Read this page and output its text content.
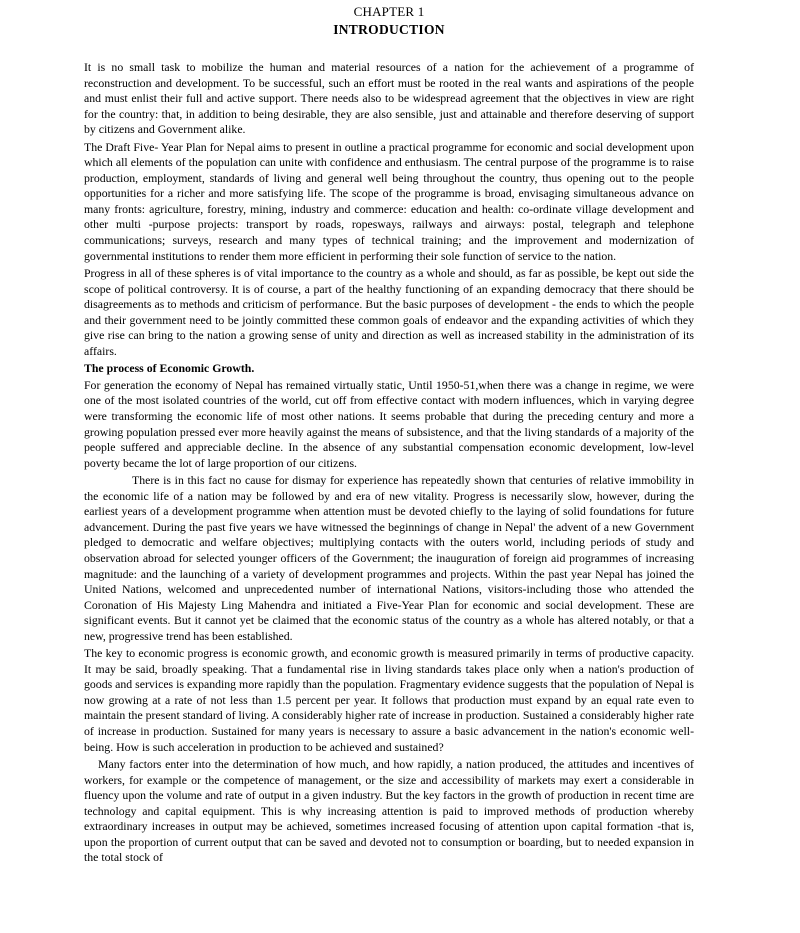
CHAPTER 1
INTRODUCTION

It is no small task to mobilize the human and material resources of a nation for the achievement of a programme of reconstruction and development. To be successful, such an effort must be rooted in the real wants and aspirations of the people and must enlist their full and active support. There needs also to be widespread agreement that the objectives in view are right for the country: that, in addition to being desirable, they are also sensible, just and attainable and therefore deserving of support by citizens and Government alike.

The Draft Five- Year Plan for Nepal aims to present in outline a practical programme for economic and social development upon which all elements of the population can unite with confidence and enthusiasm. The central purpose of the programme is to raise production, employment, standards of living and general well being throughout the country, thus opening out to the people opportunities for a richer and more satisfying life. The scope of the programme is broad, envisaging simultaneous advance on many fronts: agriculture, forestry, mining, industry and commerce: education and health: co-ordinate village development and other multi -purpose projects: transport by roads, ropesways, railways and airways: postal, telegraph and telephone communications; surveys, research and many types of technical training; and the improvement and modernization of governmental institutions to render them more efficient in performing their sole function of service to the nation.

Progress in all of these spheres is of vital importance to the country as a whole and should, as far as possible, be kept out side the scope of political controversy. It is of course, a part of the healthy functioning of an expanding democracy that there should be disagreements as to methods and criticism of performance. But the basic purposes of development - the ends to which the people and their government need to be jointly committed these common goals of endeavor and the expanding activities of which they give rise can bring to the nation a growing sense of unity and direction as well as increased stability in the administration of its affairs.

The process of Economic Growth.

For generation the economy of Nepal has remained virtually static, Until 1950-51,when there was a change in regime, we were one of the most isolated countries of the world, cut off from effective contact with modern influences, which in varying degree were transforming the economic life of most other nations. It seems probable that during the preceding century and more a growing population pressed ever more heavily against the means of subsistence, and that the living standards of a majority of the people suffered and appreciable decline. In the absence of any substantial compensation economic development, low-level poverty became the lot of large proportion of our citizens.

There is in this fact no cause for dismay for experience has repeatedly shown that centuries of relative immobility in the economic life of a nation may be followed by and era of new vitality. Progress is necessarily slow, however, during the earliest years of a development programme when attention must be devoted chiefly to the laying of solid foundations for future advancement. During the past five years we have witnessed the beginnings of change in Nepal' the advent of a new Government pledged to democratic and welfare objectives; multiplying contacts with the outers world, including periods of study and observation abroad for selected younger officers of the Government; the inauguration of foreign aid programmes of increasing magnitude: and the launching of a variety of development programmes and projects. Within the past year Nepal has joined the United Nations, welcomed and unprecedented number of international Nations, visitors-including those who attended the Coronation of His Majesty Ling Mahendra and initiated a Five-Year Plan for economic and social development. These are significant events. But it cannot yet be claimed that the economic status of the country as a whole has altered notably, or that a new, progressive trend has been established.

The key to economic progress is economic growth, and economic growth is measured primarily in terms of productive capacity. It may be said, broadly speaking. That a fundamental rise in living standards takes place only when a nation's production of goods and services is expanding more rapidly than the population. Fragmentary evidence suggests that the population of Nepal is now growing at a rate of not less than 1.5 percent per year. It follows that production must expand by an equal rate even to maintain the present standard of living. A considerably higher rate of increase in production. Sustained a considerably higher rate of increase in production. Sustained for many years is necessary to assure a basic advancement in the nation's economic well-being. How is such acceleration in production to be achieved and sustained?

Many factors enter into the determination of how much, and how rapidly, a nation produced, the attitudes and incentives of workers, for example or the competence of management, or the size and accessibility of markets may exert a considerable in fluency upon the volume and rate of output in a given industry. But the key factors in the growth of production in recent time are technology and capital equipment. This is why increasing attention is paid to improved methods of production whereby extraordinary increases in output may be achieved, sometimes increased focusing of attention upon capital formation -that is, upon the proportion of current output that can be saved and devoted not to consumption or boarding, but to needed expansion in the total stock of
